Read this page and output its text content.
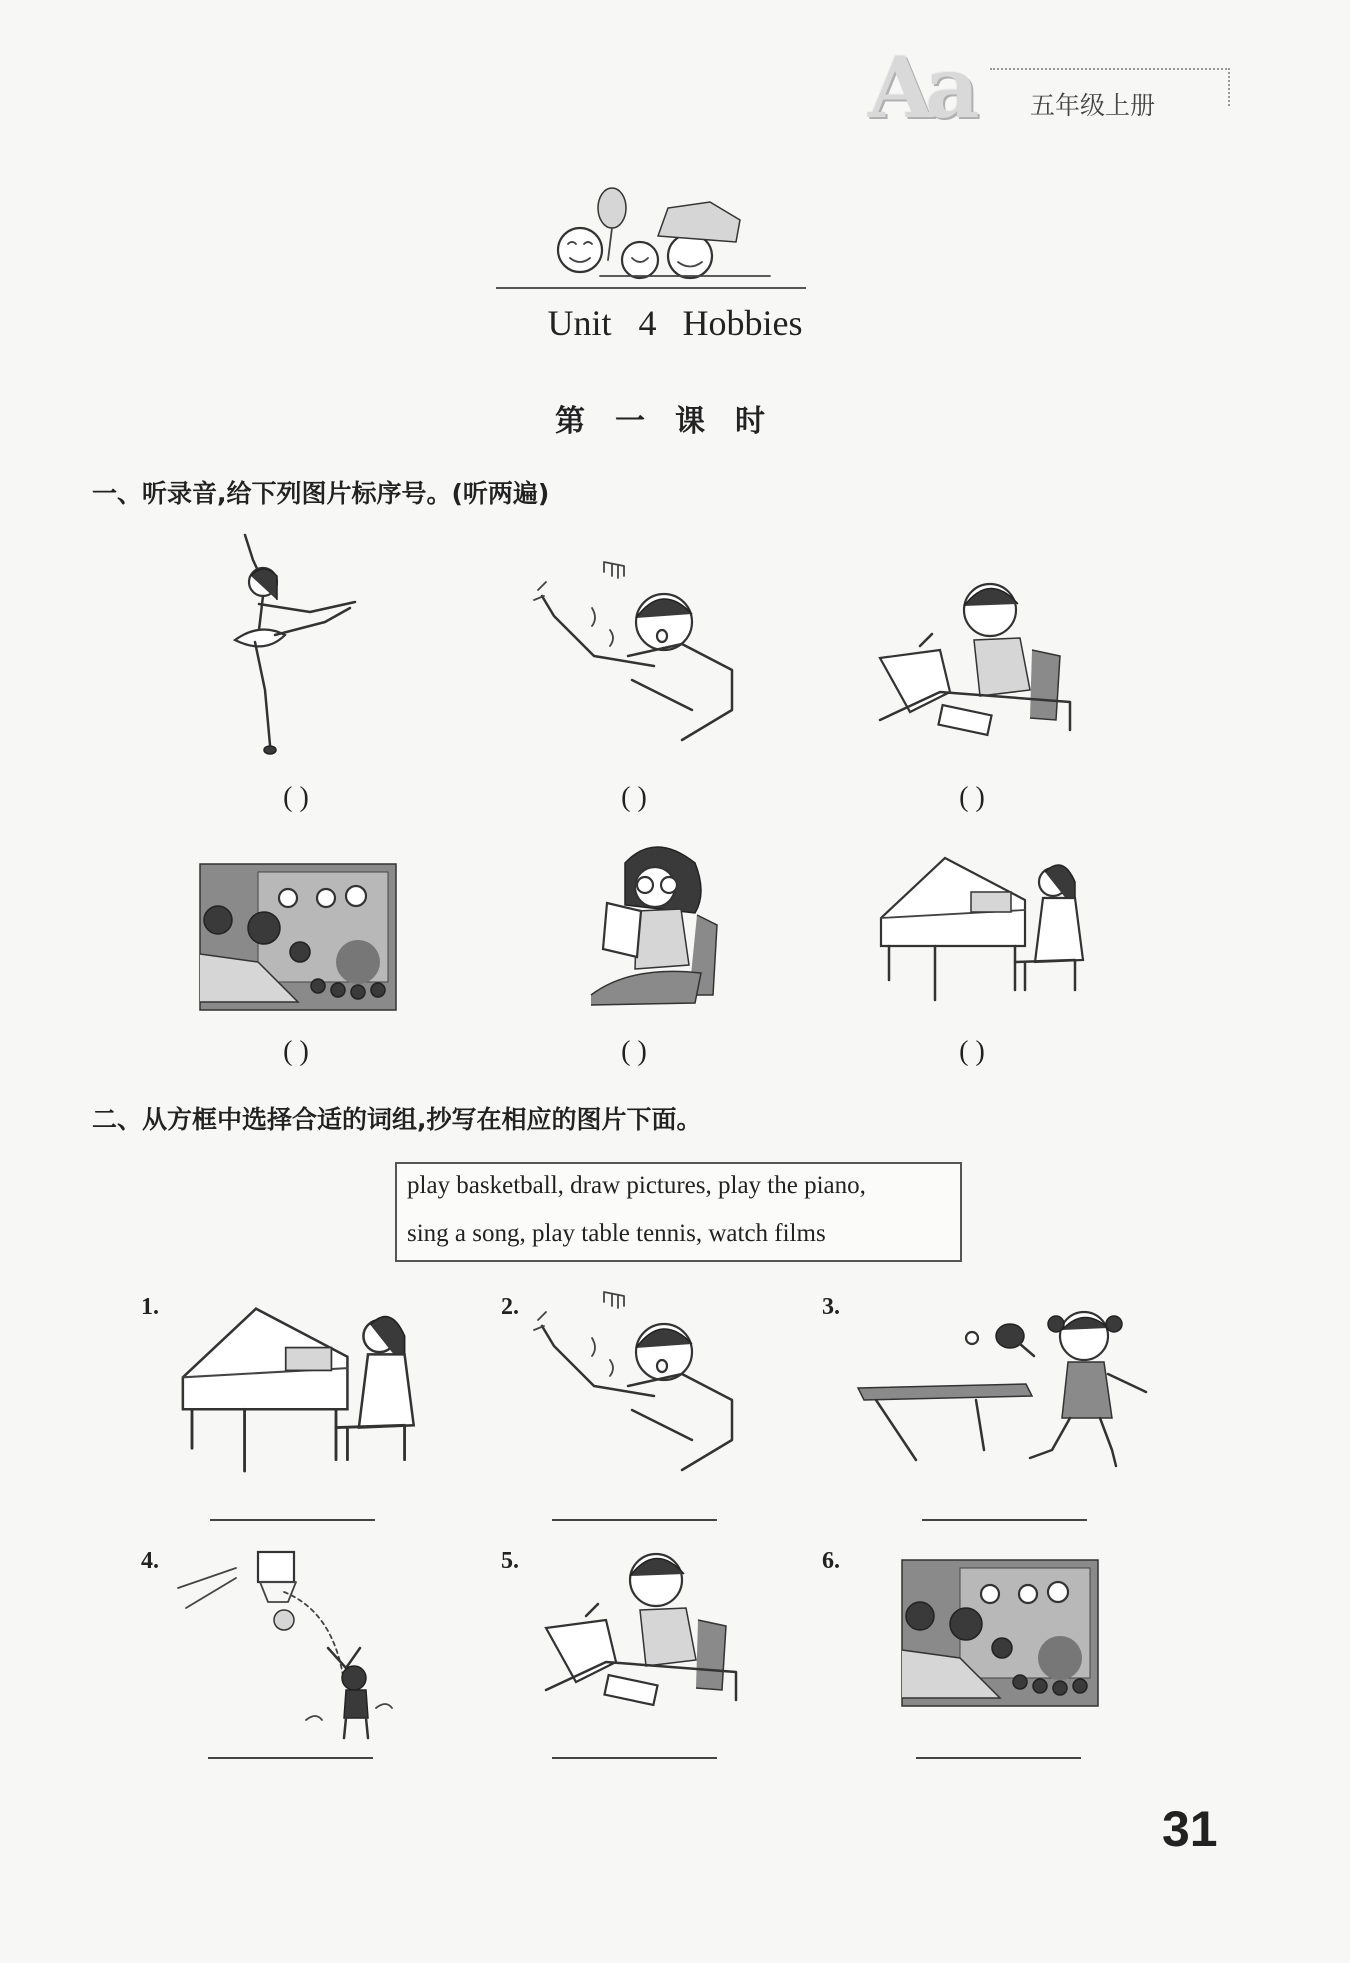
Aa 五年级上册
Unit 4 Hobbies
第一课时
一、听录音,给下列图片标序号。(听两遍)
( )	( )	( )
( )	( )	( )
二、从方框中选择合适的词组,抄写在相应的图片下面。
play basketball, draw pictures, play the piano,
sing a song, play table tennis, watch films
1.	2.	3.
4.	5.	6.
31
